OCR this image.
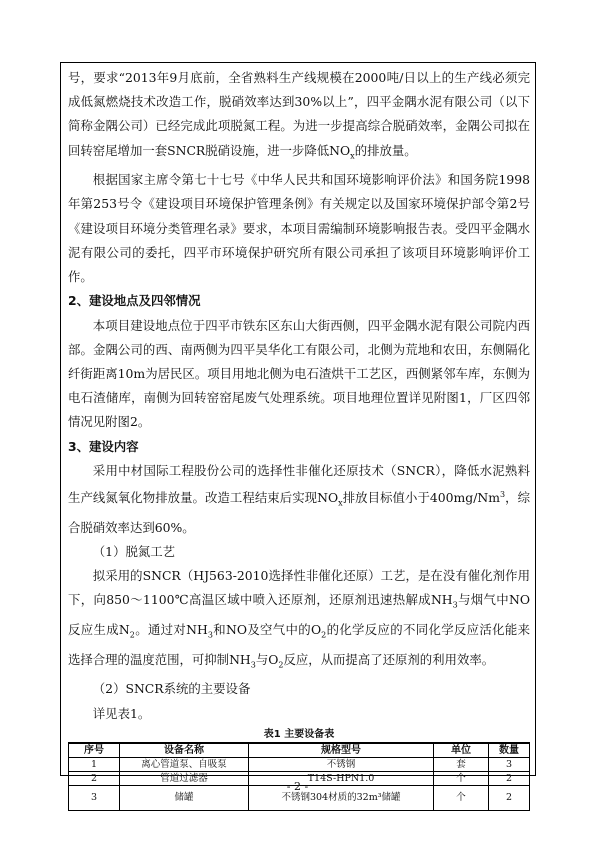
号，要求“2013年9月底前，全省熟料生产线规模在2000吨/日以上的生产线必须完成低氮燃烧技术改造工作，脱硝效率达到30%以上”，四平金隅水泥有限公司（以下简称金隅公司）已经完成此项脱氮工程。为进一步提高综合脱硝效率，金隅公司拟在回转窑尾增加一套SNCR脱硝设施，进一步降低$NO_x$的排放量。

根据国家主席令第七十七号《中华人民共和国环境影响评价法》和国务院1998年第253号令《建设项目环境保护管理条例》有关规定以及国家环境保护部令第2号《建设项目环境分类管理名录》要求，本项目需编制环境影响报告表。受四平金隅水泥有限公司的委托，四平市环境保护研究所有限公司承担了该项目环境影响评价工作。

2、建设地点及四邻情况

本项目建设地点位于四平市铁东区东山大街西侧，四平金隅水泥有限公司院内西部。金隅公司的西、南两侧为四平昊华化工有限公司，北侧为荒地和农田，东侧隔化纤街距离10m为居民区。项目用地北侧为电石渣烘干工艺区，西侧紧邻车库，东侧为电石渣储库，南侧为回转窑窑尾废气处理系统。项目地理位置详见附图1，厂区四邻情况见附图2。

3、建设内容

采用中材国际工程股份公司的选择性非催化还原技术（SNCR），降低水泥熟料生产线氮氧化物排放量。改造工程结束后实现$NO_x$排放目标值小于400mg/Nm$^3$，综合脱硝效率达到60%。

（1）脱氮工艺

拟采用的SNCR（HJ563-2010选择性非催化还原）工艺，是在没有催化剂作用下，向850～1100℃高温区域中喷入还原剂，还原剂迅速热解成$NH_3$与烟气中NO反应生成$N_2$。通过对$NH_3$和NO及空气中的$O_2$的化学反应的不同化学反应活化能来选择合理的温度范围，可抑制$NH_3$与$O_2$反应，从而提高了还原剂的利用效率。

（2）SNCR系统的主要设备

详见表1。

表1 主要设备表
序号	设备名称	规格型号	单位	数量
1	离心管道泵、自吸泵	不锈钢	套	3
2	管道过滤器	T14S-HPN1.0	个	2
3	储罐	不锈钢304材质的32m³储罐	个	2
- 2 -
